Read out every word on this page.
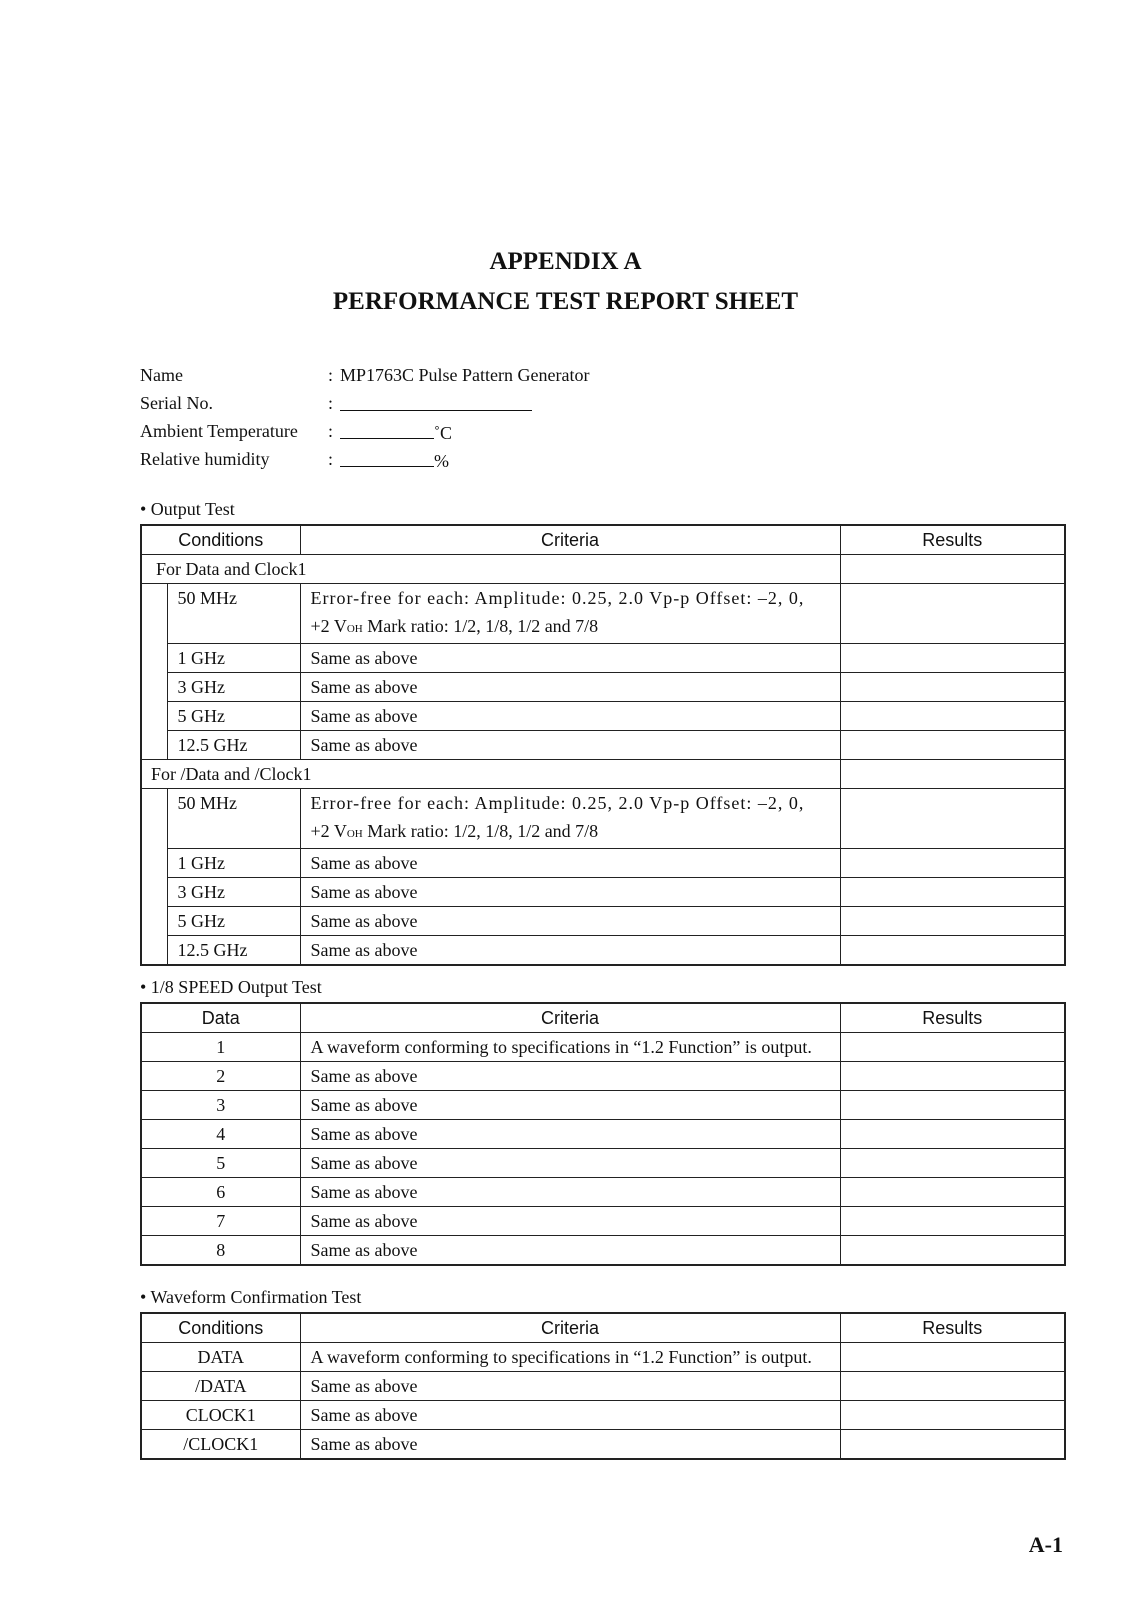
APPENDIX A
PERFORMANCE TEST REPORT SHEET
Name	: MP1763C Pulse Pattern Generator
Serial No.	:
Ambient Temperature :	˚C
Relative humidity	:	%
• Output Test
Conditions		Criteria	Results
For Data and Clock1			
	50 MHz	Error-free for each: Amplitude: 0.25, 2.0 Vp-p Offset: –2, 0,	
		+2 VOH Mark ratio: 1/2, 1/8, 1/2 and 7/8	
	1 GHz	Same as above	
	3 GHz	Same as above	
	5 GHz	Same as above	
	12.5 GHz	Same as above	
For /Data and /Clock1			
	50 MHz	Error-free for each: Amplitude: 0.25, 2.0 Vp-p Offset: –2, 0,	
		+2 VOH Mark ratio: 1/2, 1/8, 1/2 and 7/8	
	1 GHz	Same as above	
	3 GHz	Same as above	
	5 GHz	Same as above	
	12.5 GHz	Same as above	
• 1/8 SPEED Output Test
Data	Criteria	Results
1	A waveform conforming to specifications in “1.2 Function” is output.	
2	Same as above	
3	Same as above	
4	Same as above	
5	Same as above	
6	Same as above	
7	Same as above	
8	Same as above	
• Waveform Confirmation Test
Conditions	Criteria	Results
DATA	A waveform conforming to specifications in “1.2 Function” is output.	
/DATA	Same as above	
CLOCK1	Same as above	
/CLOCK1	Same as above	
A-1
